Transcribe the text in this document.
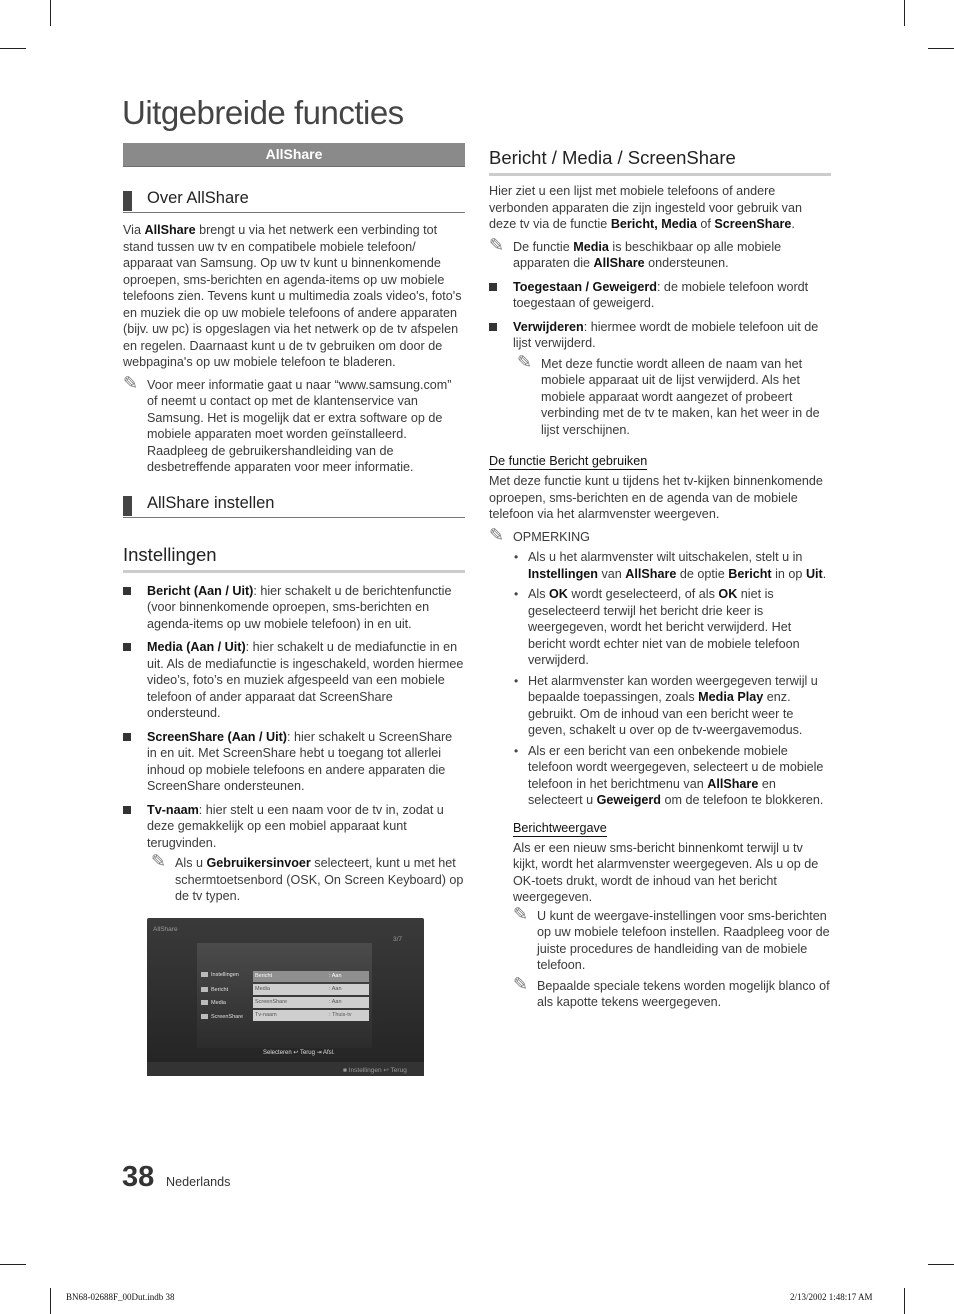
Uitgebreide functies
AllShare
Over AllShare

Via AllShare brengt u via het netwerk een verbinding tot stand tussen uw tv en compatibele mobiele telefoon/ apparaat van Samsung. Op uw tv kunt u binnenkomende oproepen, sms-berichten en agenda-items op uw mobiele telefoons zien. Tevens kunt u multimedia zoals video's, foto's en muziek die op uw mobiele telefoons of andere apparaten (bijv. uw pc) is opgeslagen via het netwerk op de tv afspelen en regelen. Daarnaast kunt u de tv gebruiken om door de webpagina's op uw mobiele telefoon te bladeren.

✎ Voor meer informatie gaat u naar “www.samsung.com” of neemt u contact op met de klantenservice van Samsung. Het is mogelijk dat er extra software op de mobiele apparaten moet worden geïnstalleerd. Raadpleeg de gebruikershandleiding van de desbetreffende apparaten voor meer informatie.
AllShare instellen
Instellingen
Bericht (Aan / Uit): hier schakelt u de berichtenfunctie (voor binnenkomende oproepen, sms-berichten en agenda-items op uw mobiele telefoon) in en uit.
Media (Aan / Uit): hier schakelt u de mediafunctie in en uit. Als de mediafunctie is ingeschakeld, worden hiermee video’s, foto’s en muziek afgespeeld van een mobiele telefoon of ander apparaat dat ScreenShare ondersteund.
ScreenShare (Aan / Uit): hier schakelt u ScreenShare in en uit. Met ScreenShare hebt u toegang tot allerlei inhoud op mobiele telefoons en andere apparaten die ScreenShare ondersteunen.
Tv-naam: hier stelt u een naam voor de tv in, zodat u deze gemakkelijk op een mobiel apparaat kunt terugvinden.
✎ Als u Gebruikersinvoer selecteert, kunt u met het schermtoetsenbord (OSK, On Screen Keyboard) op de tv typen.
AllShare
3/7
Instellingen
Bericht
Media
ScreenShare
Bericht	: Aan
Media	: Aan
ScreenShare	: Aan
Tv-naam	: Thuis-tv
Selecteren ↩ Terug ⇥ Afsl.
■ Instellingen ↩ Terug
Bericht / Media / ScreenShare

Hier ziet u een lijst met mobiele telefoons of andere verbonden apparaten die zijn ingesteld voor gebruik van deze tv via de functie Bericht, Media of ScreenShare.

✎ De functie Media is beschikbaar op alle mobiele apparaten die AllShare ondersteunen.
Toegestaan / Geweigerd: de mobiele telefoon wordt toegestaan of geweigerd.
Verwijderen: hiermee wordt de mobiele telefoon uit de lijst verwijderd.
✎ Met deze functie wordt alleen de naam van het mobiele apparaat uit de lijst verwijderd. Als het mobiele apparaat wordt aangezet of probeert verbinding met de tv te maken, kan het weer in de lijst verschijnen.
De functie Bericht gebruiken

Met deze functie kunt u tijdens het tv-kijken binnenkomende oproepen, sms-berichten en de agenda van de mobiele telefoon via het alarmvenster weergeven.

✎ OPMERKING
• Als u het alarmvenster wilt uitschakelen, stelt u in Instellingen van AllShare de optie Bericht in op Uit.
• Als OK wordt geselecteerd, of als OK niet is geselecteerd terwijl het bericht drie keer is weergegeven, wordt het bericht verwijderd. Het bericht wordt echter niet van de mobiele telefoon verwijderd.
• Het alarmvenster kan worden weergegeven terwijl u bepaalde toepassingen, zoals Media Play enz. gebruikt. Om de inhoud van een bericht weer te geven, schakelt u over op de tv-weergavemodus.
• Als er een bericht van een onbekende mobiele telefoon wordt weergegeven, selecteert u de mobiele telefoon in het berichtmenu van AllShare en selecteert u Geweigerd om de telefoon te blokkeren.
Berichtweergave

Als er een nieuw sms-bericht binnenkomt terwijl u tv kijkt, wordt het alarmvenster weergegeven. Als u op de OK-toets drukt, wordt de inhoud van het bericht weergegeven.

✎ U kunt de weergave-instellingen voor sms-berichten op uw mobiele telefoon instellen. Raadpleeg voor de juiste procedures de handleiding van de mobiele telefoon.
✎ Bepaalde speciale tekens worden mogelijk blanco of als kapotte tekens weergegeven.
38 Nederlands
BN68-02688F_00Dut.indb 38	2/13/2002 1:48:17 AM
